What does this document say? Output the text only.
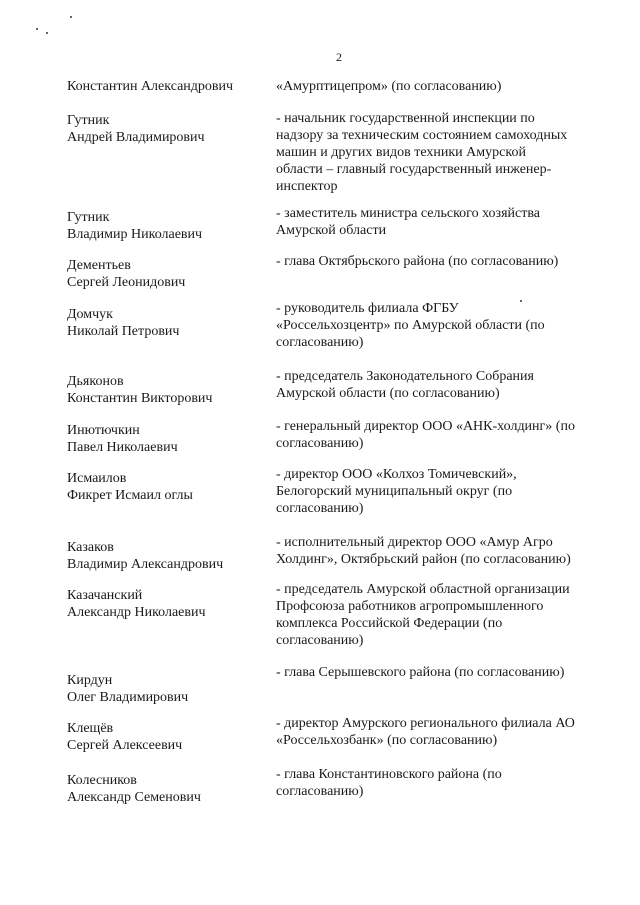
2
Константин Александрович	«Амурптицепром» (по согласованию)
Гутник
Андрей Владимирович
- начальник государственной инспекции по
надзору за техническим состоянием самоходных
машин и других видов техники Амурской
области – главный государственный инженер-
инспектор
Гутник
Владимир Николаевич
- заместитель министра сельского хозяйства
Амурской области
Дементьев
Сергей Леонидович
- глава Октябрьского района (по согласованию)
Домчук
Николай Петрович
- руководитель филиала ФГБУ
«Россельхозцентр» по Амурской области (по
согласованию)
Дьяконов
Константин Викторович
- председатель Законодательного Собрания
Амурской области (по согласованию)
Инютючкин
Павел Николаевич
- генеральный директор ООО «АНК-холдинг» (по
согласованию)
Исмаилов
Фикрет Исмаил оглы
- директор ООО «Колхоз Томичевский»,
Белогорский муниципальный округ (по
согласованию)
Казаков
Владимир Александрович
- исполнительный директор ООО «Амур Агро
Холдинг», Октябрьский район (по согласованию)
Казачанский
Александр Николаевич
- председатель Амурской областной организации
Профсоюза работников агропромышленного
комплекса Российской Федерации (по
согласованию)
Кирдун
Олег Владимирович
- глава Серышевского района (по согласованию)
Клещёв
Сергей Алексеевич
- директор Амурского регионального филиала АО
«Россельхозбанк» (по согласованию)
Колесников
Александр Семенович
- глава Константиновского района (по
согласованию)
